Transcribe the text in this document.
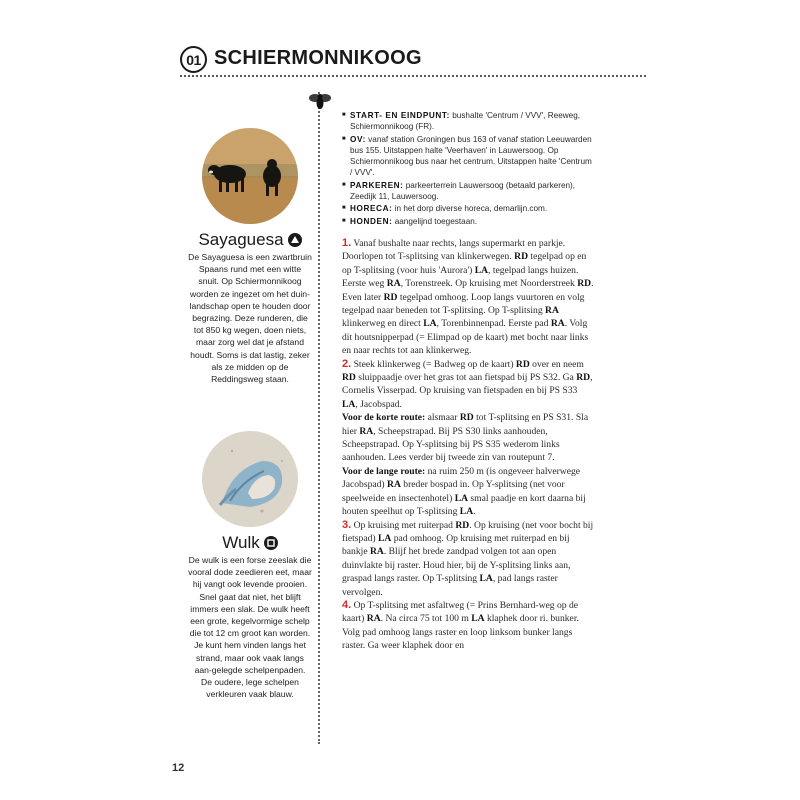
01 SCHIERMONNIKOOG
Sayaguesa
De Sayaguesa is een zwartbruin Spaans rund met een witte snuit. Op Schiermonnikoog worden ze ingezet om het duin-landschap open te houden door begrazing. Deze runderen, die tot 850 kg wegen, doen niets, maar zorg wel dat je afstand houdt. Soms is dat lastig, zeker als ze midden op de Reddingsweg staan.
Wulk
De wulk is een forse zeeslak die vooral dode zeedieren eet, maar hij vangt ook levende prooien. Snel gaat dat niet, het blijft immers een slak. De wulk heeft een grote, kegelvormige schelp die tot 12 cm groot kan worden. Je kunt hem vinden langs het strand, maar ook vaak langs aan-gelegde schelpenpaden. De oudere, lege schelpen verkleuren vaak blauw.
■ START- EN EINDPUNT: bushalte 'Centrum / VVV', Reeweg, Schiermonnikoog (FR).
■ OV: vanaf station Groningen bus 163 of vanaf station Leeuwarden bus 155. Uitstappen halte 'Veerhaven' in Lauwersoog. Op Schiermonnikoog bus naar het centrum. Uitstappen halte 'Centrum / VVV'.
■ PARKEREN: parkeerterrein Lauwersoog (betaald parkeren), Zeedijk 11, Lauwersoog.
■ HORECA: in het dorp diverse horeca, demarlijn.com.
■ HONDEN: aangelijnd toegestaan.

1. Vanaf bushalte naar rechts, langs supermarkt en parkje. Doorlopen tot T-splitsing van klinkerwegen. RD tegelpad op en op T-splitsing (voor huis 'Aurora') LA, tegelpad langs huizen. Eerste weg RA, Torenstreek. Op kruising met Noorderstreek RD. Even later RD tegelpad omhoog. Loop langs vuurtoren en volg tegelpad naar beneden tot T-splitsing. Op T-splitsing RA klinkerweg en direct LA, Torenbinnenpad. Eerste pad RA. Volg dit houtsnipperpad (= Elimpad op de kaart) met bocht naar links en naar rechts tot aan klinkerweg.

2. Steek klinkerweg (= Badweg op de kaart) RD over en neem RD sluippaadje over het gras tot aan fietspad bij PS S32. Ga RD, Cornelis Visserpad. Op kruising van fietspaden en bij PS S33 LA, Jacobspad.

Voor de korte route: alsmaar RD tot T-splitsing en PS S31. Sla hier RA, Scheepstrapad. Bij PS S30 links aanhouden, Scheepstrapad. Op Y-splitsing bij PS S35 wederom links aanhouden. Lees verder bij tweede zin van routepunt 7.

Voor de lange route: na ruim 250 m (is ongeveer halverwege Jacobspad) RA breder bospad in. Op Y-splitsing (net voor speelweide en insectenhotel) LA smal paadje en kort daarna bij houten speelhut op T-splitsing LA.

3. Op kruising met ruiterpad RD. Op kruising (net voor bocht bij fietspad) LA pad omhoog. Op kruising met ruiterpad en bij bankje RA. Blijf het brede zandpad volgen tot aan open duinvlakte bij raster. Houd hier, bij de Y-splitsing links aan, graspad langs raster. Op T-splitsing LA, pad langs raster vervolgen.

4. Op T-splitsing met asfaltweg (= Prins Bernhard-weg op de kaart) RA. Na circa 75 tot 100 m LA klaphek door ri. bunker. Volg pad omhoog langs raster en loop linksom bunker langs raster. Ga weer klaphek door en

12
